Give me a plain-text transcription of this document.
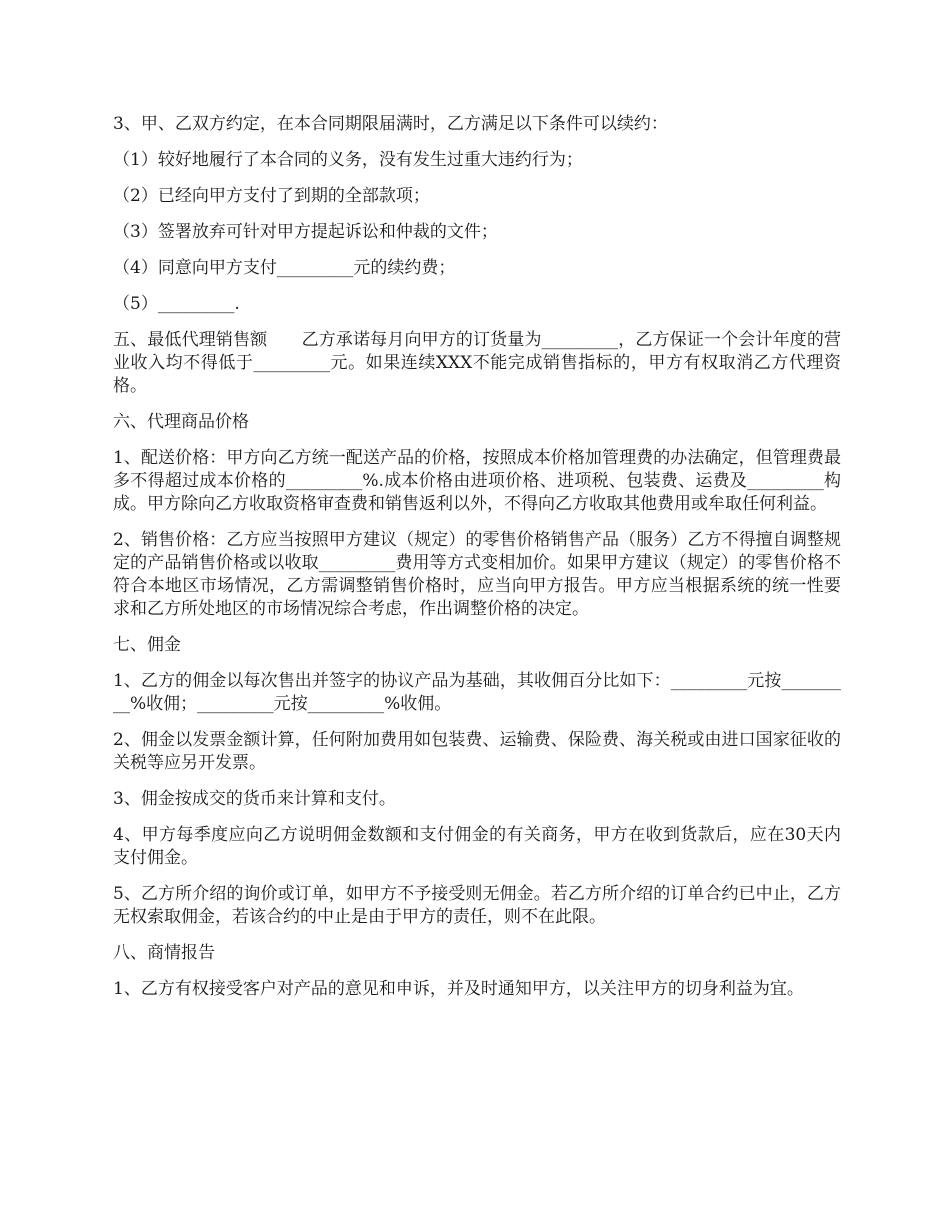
3、甲、乙双方约定，在本合同期限届满时，乙方满足以下条件可以续约：

（1）较好地履行了本合同的义务，没有发生过重大违约行为；

（2）已经向甲方支付了到期的全部款项；

（3）签署放弃可针对甲方提起诉讼和仲裁的文件；

（4）同意向甲方支付_________元的续约费；

（5）_________.

五、最低代理销售额　　乙方承诺每月向甲方的订货量为_________，乙方保证一个会计年度的营业收入均不得低于_________元。如果连续XXX不能完成销售指标的，甲方有权取消乙方代理资格。

六、代理商品价格

1、配送价格：甲方向乙方统一配送产品的价格，按照成本价格加管理费的办法确定，但管理费最多不得超过成本价格的_________%.成本价格由进项价格、进项税、包装费、运费及_________构成。甲方除向乙方收取资格审查费和销售返利以外，不得向乙方收取其他费用或牟取任何利益。

2、销售价格：乙方应当按照甲方建议（规定）的零售价格销售产品（服务）乙方不得擅自调整规定的产品销售价格或以收取_________费用等方式变相加价。如果甲方建议（规定）的零售价格不符合本地区市场情况，乙方需调整销售价格时，应当向甲方报告。甲方应当根据系统的统一性要求和乙方所处地区的市场情况综合考虑，作出调整价格的决定。

七、佣金

1、乙方的佣金以每次售出并签字的协议产品为基础，其收佣百分比如下：_________元按_________%收佣；_________元按_________%收佣。

2、佣金以发票金额计算，任何附加费用如包装费、运输费、保险费、海关税或由进口国家征收的关税等应另开发票。

3、佣金按成交的货币来计算和支付。

4、甲方每季度应向乙方说明佣金数额和支付佣金的有关商务，甲方在收到货款后，应在30天内支付佣金。

5、乙方所介绍的询价或订单，如甲方不予接受则无佣金。若乙方所介绍的订单合约已中止，乙方无权索取佣金，若该合约的中止是由于甲方的责任，则不在此限。

八、商情报告

1、乙方有权接受客户对产品的意见和申诉，并及时通知甲方，以关注甲方的切身利益为宜。
